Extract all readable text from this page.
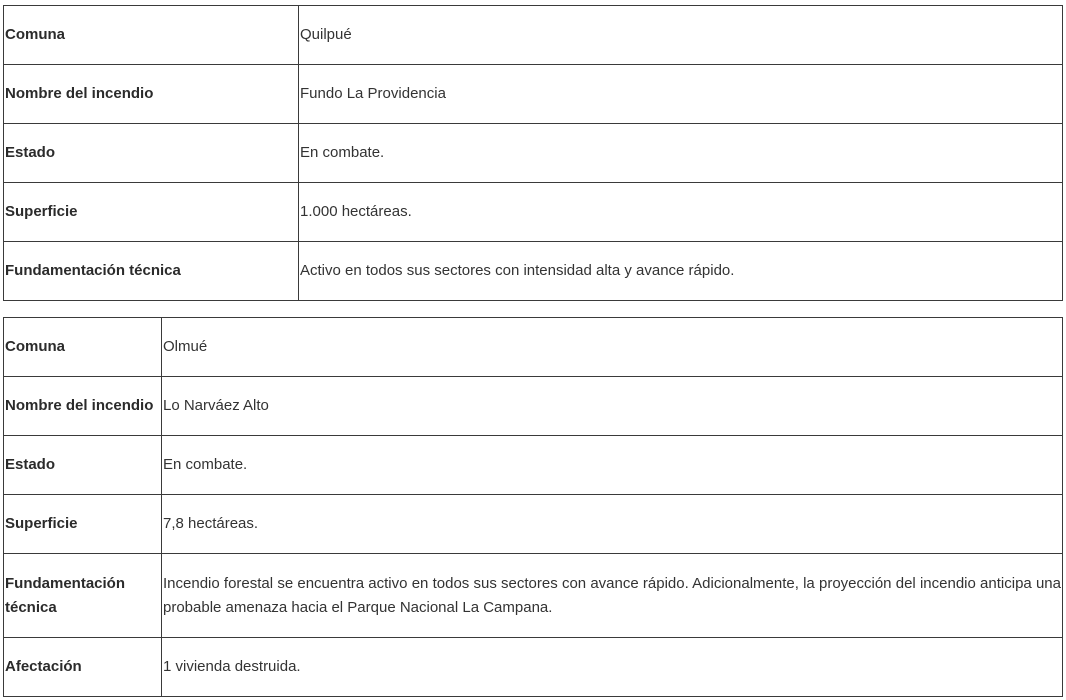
Comuna	Quilpué
Nombre del incendio	Fundo La Providencia
Estado	En combate.
Superficie	1.000 hectáreas.
Fundamentación técnica	Activo en todos sus sectores con intensidad alta y avance rápido.
Comuna	Olmué
Nombre del incendio	Lo Narváez Alto
Estado	En combate.
Superficie	7,8 hectáreas.
Fundamentación técnica	Incendio forestal se encuentra activo en todos sus sectores con avance rápido. Adicionalmente, la proyección del incendio anticipa una probable amenaza hacia el Parque Nacional La Campana.
Afectación	1 vivienda destruida.
